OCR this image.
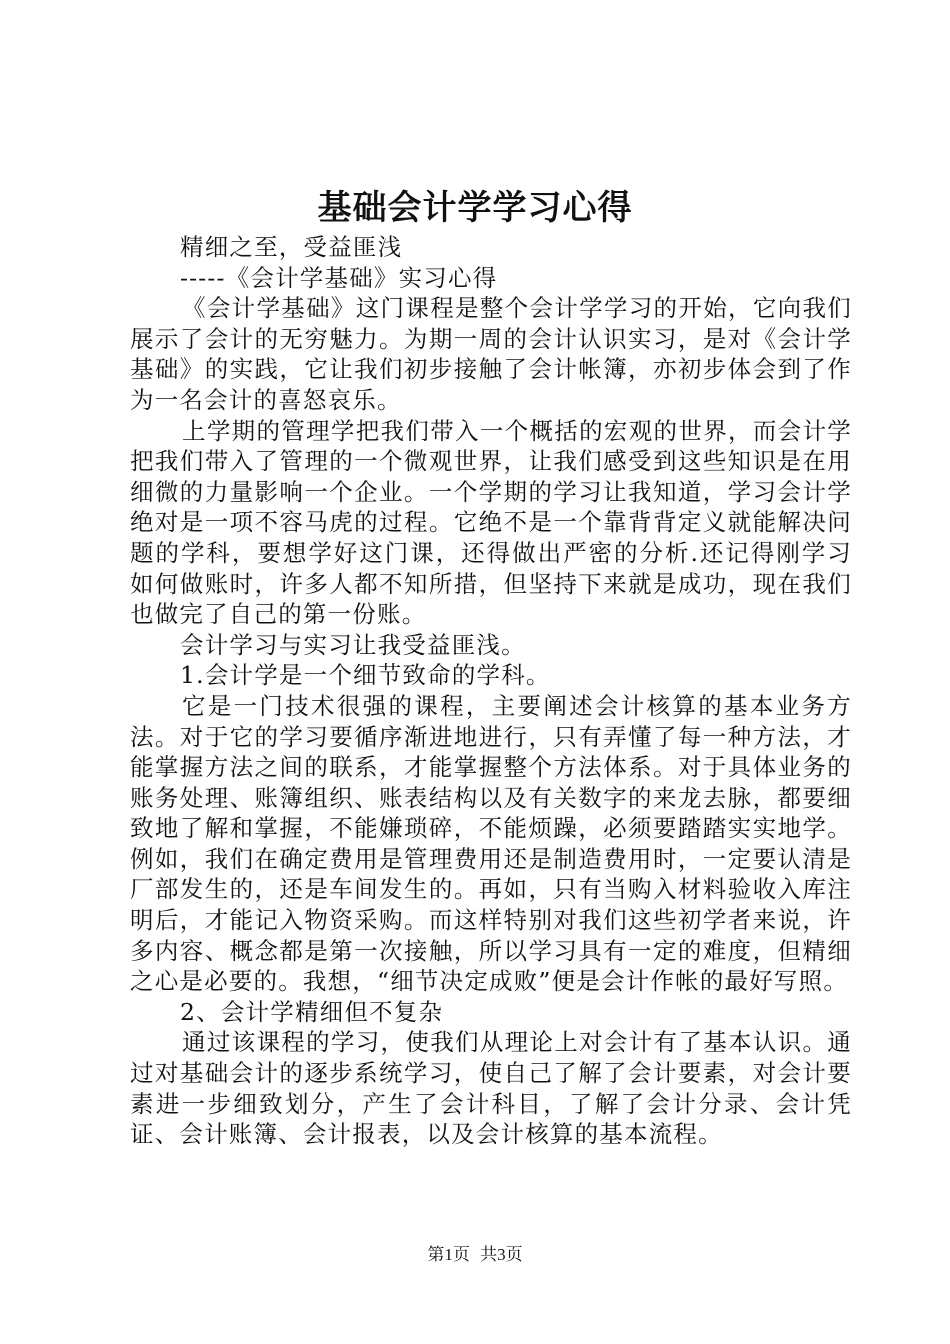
基础会计学学习心得

精细之至，受益匪浅

-----《会计学基础》实习心得

《会计学基础》这门课程是整个会计学学习的开始，它向我们展示了会计的无穷魅力。为期一周的会计认识实习，是对《会计学基础》的实践，它让我们初步接触了会计帐簿，亦初步体会到了作为一名会计的喜怒哀乐。

上学期的管理学把我们带入一个概括的宏观的世界，而会计学把我们带入了管理的一个微观世界，让我们感受到这些知识是在用细微的力量影响一个企业。一个学期的学习让我知道，学习会计学绝对是一项不容马虎的过程。它绝不是一个靠背背定义就能解决问题的学科，要想学好这门课，还得做出严密的分析.还记得刚学习如何做账时，许多人都不知所措，但坚持下来就是成功，现在我们也做完了自己的第一份账。

会计学习与实习让我受益匪浅。

1.会计学是一个细节致命的学科。

它是一门技术很强的课程，主要阐述会计核算的基本业务方法。对于它的学习要循序渐进地进行，只有弄懂了每一种方法，才能掌握方法之间的联系，才能掌握整个方法体系。对于具体业务的账务处理、账簿组织、账表结构以及有关数字的来龙去脉，都要细致地了解和掌握，不能嫌琐碎，不能烦躁，必须要踏踏实实地学。例如，我们在确定费用是管理费用还是制造费用时，一定要认清是厂部发生的，还是车间发生的。再如，只有当购入材料验收入库注明后，才能记入物资采购。而这样特别对我们这些初学者来说，许多内容、概念都是第一次接触，所以学习具有一定的难度，但精细之心是必要的。我想，“细节决定成败”便是会计作帐的最好写照。

2、会计学精细但不复杂

通过该课程的学习，使我们从理论上对会计有了基本认识。通过对基础会计的逐步系统学习，使自己了解了会计要素，对会计要素进一步细致划分，产生了会计科目，了解了会计分录、会计凭证、会计账簿、会计报表，以及会计核算的基本流程。

第1页 共3页
